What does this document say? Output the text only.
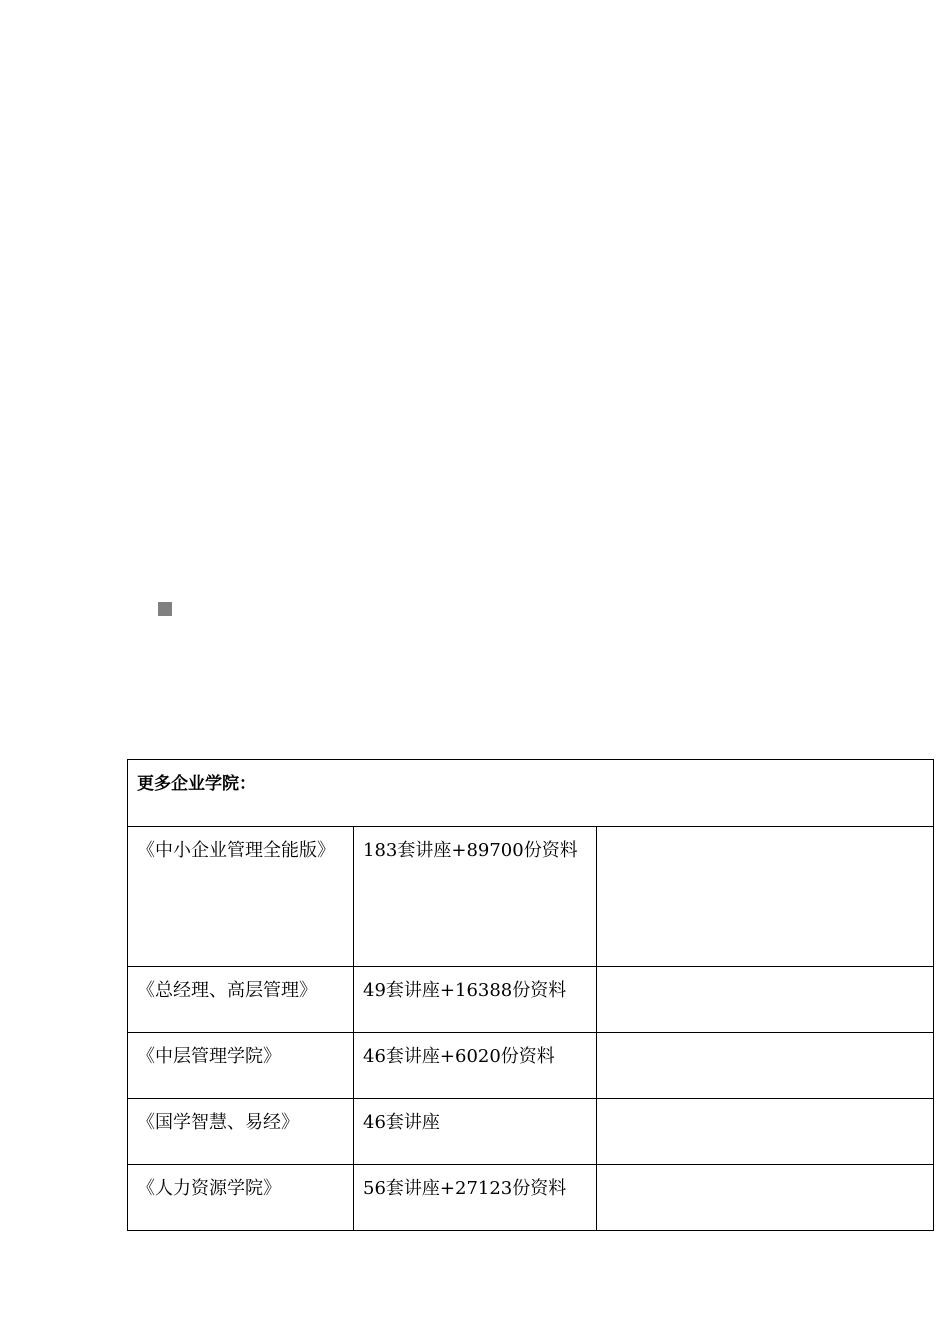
更多企业学院：		

《中小企业管理全能版》	183套讲座+89700份资料	
《总经理、高层管理》	49套讲座+16388份资料	
《中层管理学院》	46套讲座+6020份资料	
《国学智慧、易经》	46套讲座	
《人力资源学院》	56套讲座+27123份资料	
